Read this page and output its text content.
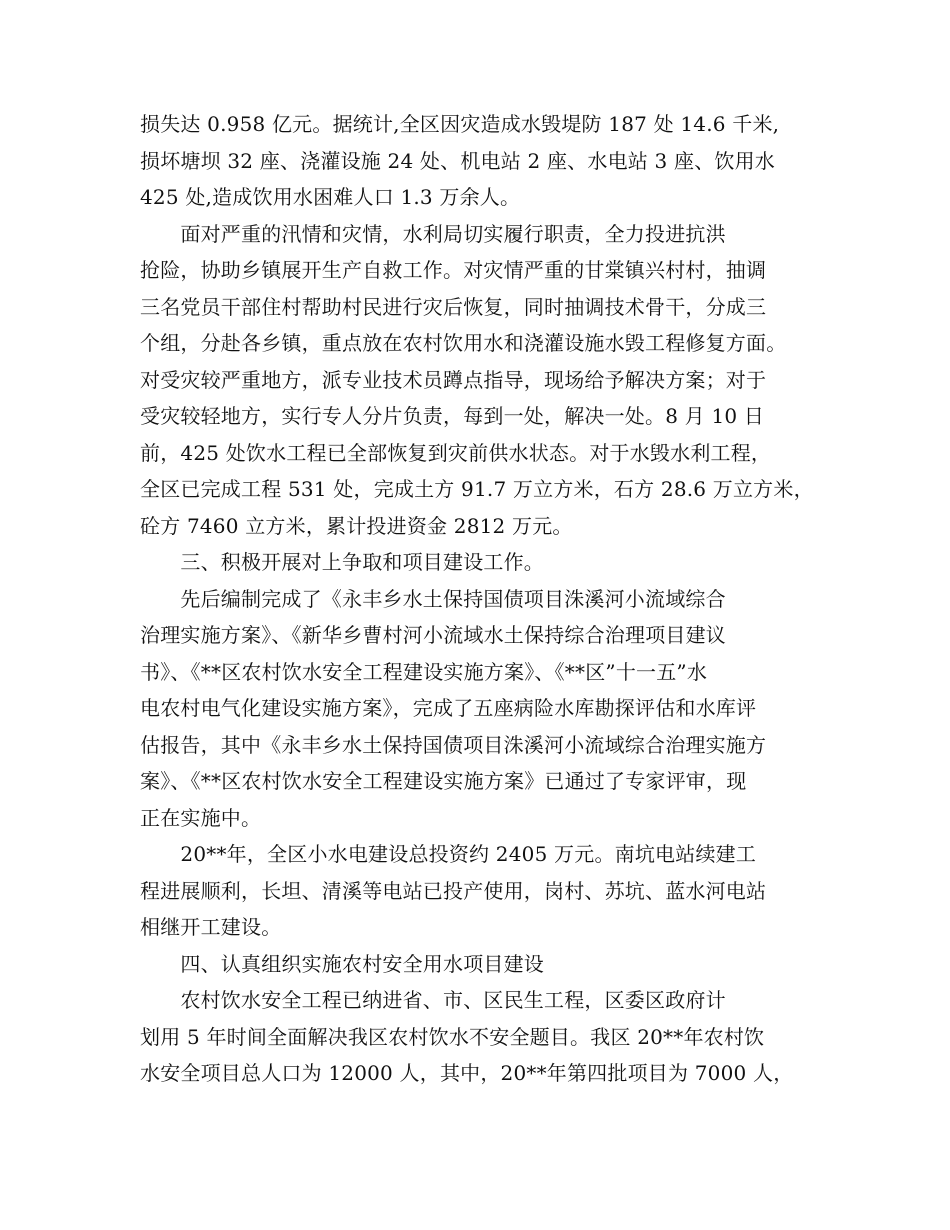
损失达 0.958 亿元。据统计,全区因灾造成水毁堤防 187 处 14.6 千米,
损坏塘坝 32 座、浇灌设施 24 处、机电站 2 座、水电站 3 座、饮用水
425 处,造成饮用水困难人口 1.3 万余人。
　　面对严重的汛情和灾情，水利局切实履行职责，全力投进抗洪
抢险，协助乡镇展开生产自救工作。对灾情严重的甘棠镇兴村村，抽调
三名党员干部住村帮助村民进行灾后恢复，同时抽调技术骨干，分成三
个组，分赴各乡镇，重点放在农村饮用水和浇灌设施水毁工程修复方面。
对受灾较严重地方，派专业技术员蹲点指导，现场给予解决方案；对于
受灾较轻地方，实行专人分片负责，每到一处，解决一处。8 月 10 日
前，425 处饮水工程已全部恢复到灾前供水状态。对于水毁水利工程，
全区已完成工程 531 处，完成土方 91.7 万立方米，石方 28.6 万立方米，
砼方 7460 立方米，累计投进资金 2812 万元。
　　三、积极开展对上争取和项目建设工作。
　　先后编制完成了《永丰乡水土保持国债项目洙溪河小流域综合
治理实施方案》、《新华乡曹村河小流域水土保持综合治理项目建议
书》、《**区农村饮水安全工程建设实施方案》、《**区”十一五”水
电农村电气化建设实施方案》，完成了五座病险水库勘探评估和水库评
估报告，其中《永丰乡水土保持国债项目洙溪河小流域综合治理实施方
案》、《**区农村饮水安全工程建设实施方案》已通过了专家评审，现
正在实施中。
　　20**年，全区小水电建设总投资约 2405 万元。南坑电站续建工
程进展顺利，长坦、清溪等电站已投产使用，岗村、苏坑、蓝水河电站
相继开工建设。
　　四、认真组织实施农村安全用水项目建设
　　农村饮水安全工程已纳进省、市、区民生工程，区委区政府计
划用 5 年时间全面解决我区农村饮水不安全题目。我区 20**年农村饮
水安全项目总人口为 12000 人，其中，20**年第四批项目为 7000 人，
